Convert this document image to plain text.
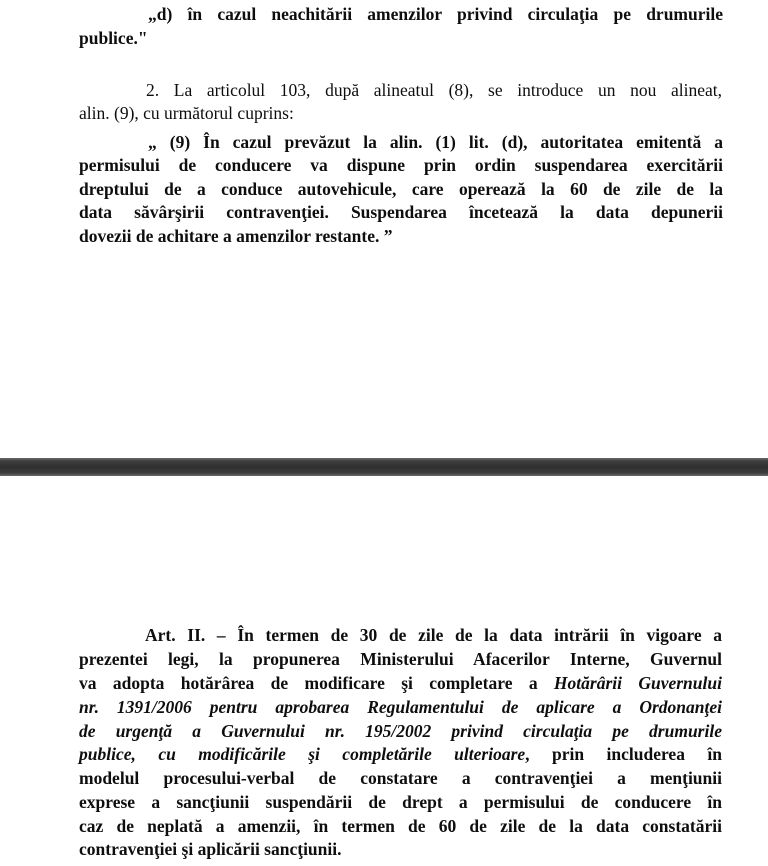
„d) în cazul neachitării amenzilor privind circulaţia pe drumurile
publice."
2. La articolul 103, după alineatul (8), se introduce un nou alineat,
alin. (9), cu următorul cuprins:
„ (9) În cazul prevăzut la alin. (1) lit. (d), autoritatea emitentă a
permisului de conducere va dispune prin ordin suspendarea exercitării
dreptului de a conduce autovehicule, care operează la 60 de zile de la
data săvârşirii contravenţiei. Suspendarea încetează la data depunerii
dovezii de achitare a amenzilor restante. ”
Art. II. – În termen de 30 de zile de la data intrării în vigoare a
prezentei legi, la propunerea Ministerului Afacerilor Interne, Guvernul
va adopta hotărârea de modificare şi completare a Hotărârii Guvernului
nr. 1391/2006 pentru aprobarea Regulamentului de aplicare a Ordonanţei
de urgenţă a Guvernului nr. 195/2002 privind circulaţia pe drumurile
publice, cu modificările şi completările ulterioare, prin includerea în
modelul procesului-verbal de constatare a contravenţiei a menţiunii
exprese a sancţiunii suspendării de drept a permisului de conducere în
caz de neplată a amenzii, în termen de 60 de zile de la data constatării
contravenţiei şi aplicării sancţiunii.
